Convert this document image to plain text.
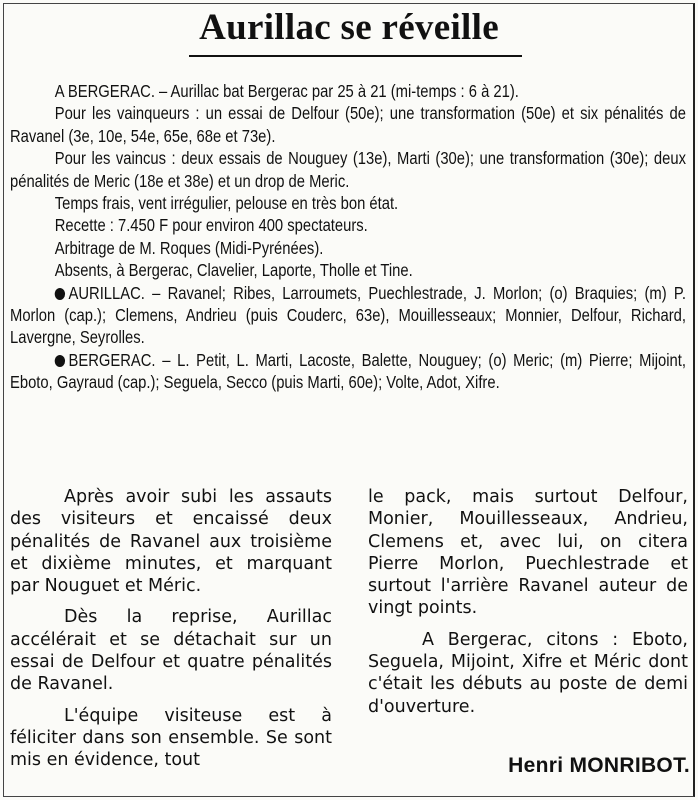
Aurillac se réveille

A BERGERAC. – Aurillac bat Bergerac par 25 à 21 (mi-temps : 6 à 21).

Pour les vainqueurs : un essai de Delfour (50e); une transformation (50e) et six pénalités de Ravanel (3e, 10e, 54e, 65e, 68e et 73e).

Pour les vaincus : deux essais de Nouguey (13e), Marti (30e); une transformation (30e); deux pénalités de Meric (18e et 38e) et un drop de Meric.

Temps frais, vent irrégulier, pelouse en très bon état.

Recette : 7.450 F pour environ 400 spectateurs.

Arbitrage de M. Roques (Midi-Pyrénées).

Absents, à Bergerac, Clavelier, Laporte, Tholle et Tine.

AURILLAC. – Ravanel; Ribes, Larroumets, Puechlestrade, J. Morlon; (o) Braquies; (m) P. Morlon (cap.); Clemens, Andrieu (puis Couderc, 63e), Mouillesseaux; Monnier, Delfour, Richard, Lavergne, Seyrolles.

BERGERAC. – L. Petit, L. Marti, Lacoste, Balette, Nouguey; (o) Meric; (m) Pierre; Mijoint, Eboto, Gayraud (cap.); Seguela, Secco (puis Marti, 60e); Volte, Adot, Xifre.

Après avoir subi les assauts des visiteurs et encaissé deux pénalités de Ravanel aux troisième et dixième minutes, et marquant par Nouguet et Méric.

Dès la reprise, Aurillac accélérait et se détachait sur un essai de Delfour et quatre pénalités de Ravanel.

L'équipe visiteuse est à féliciter dans son ensemble. Se sont mis en évidence, tout

le pack, mais surtout Delfour, Monier, Mouillesseaux, Andrieu, Clemens et, avec lui, on citera Pierre Morlon, Puechlestrade et surtout l'arrière Ravanel auteur de vingt points.

A Bergerac, citons : Eboto, Seguela, Mijoint, Xifre et Méric dont c'était les débuts au poste de demi d'ouverture.

Henri MONRIBOT.
